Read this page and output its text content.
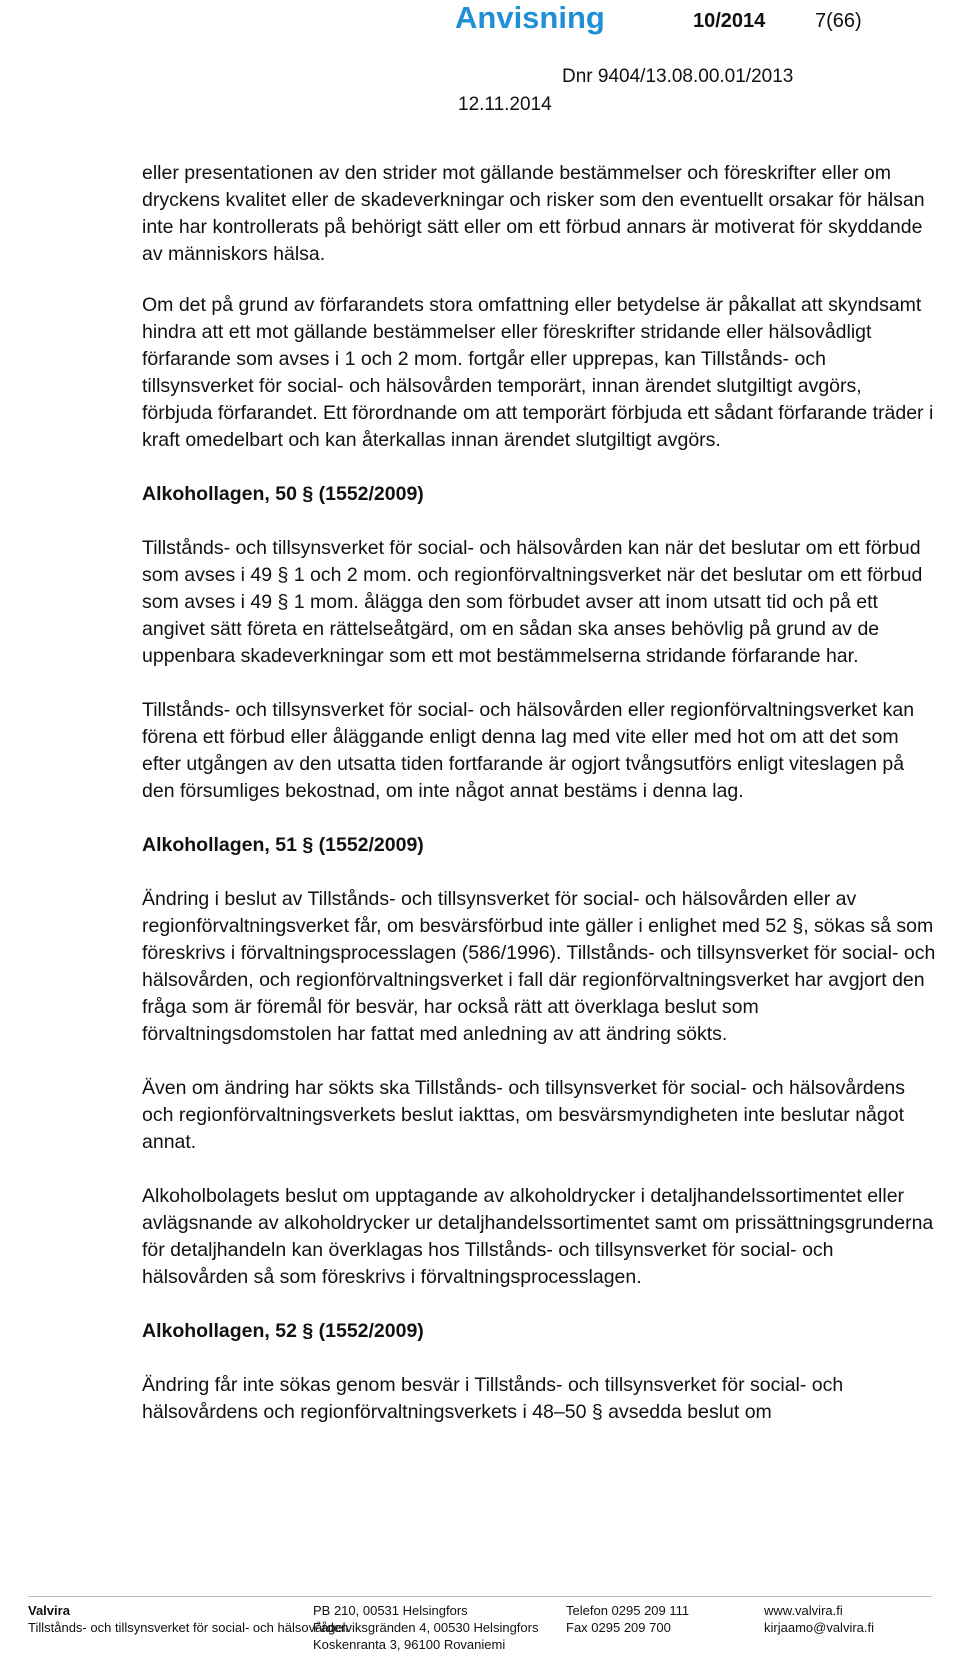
Anvisning	10/2014 7(66)
Dnr 9404/13.08.00.01/2013
12.11.2014

eller presentationen av den strider mot gällande bestämmelser och föreskrifter eller om dryckens kvalitet eller de skadeverkningar och risker som den eventuellt orsakar för hälsan inte har kontrollerats på behörigt sätt eller om ett förbud annars är motiverat för skyddande av människors hälsa.

Om det på grund av förfarandets stora omfattning eller betydelse är påkallat att skyndsamt hindra att ett mot gällande bestämmelser eller föreskrifter stridande eller hälsovådligt förfarande som avses i 1 och 2 mom. fortgår eller upprepas, kan Tillstånds- och tillsynsverket för social- och hälsovården temporärt, innan ärendet slutgiltigt avgörs, förbjuda förfarandet. Ett förordnande om att temporärt förbjuda ett sådant förfarande träder i kraft omedelbart och kan återkallas innan ärendet slutgiltigt avgörs.

Alkohollagen, 50 § (1552/2009)

Tillstånds- och tillsynsverket för social- och hälsovården kan när det beslutar om ett förbud som avses i 49 § 1 och 2 mom. och regionförvaltningsverket när det beslutar om ett förbud som avses i 49 § 1 mom. ålägga den som förbudet avser att inom utsatt tid och på ett angivet sätt företa en rättelseåtgärd, om en sådan ska anses behövlig på grund av de uppenbara skadeverkningar som ett mot bestämmelserna stridande förfarande har.

Tillstånds- och tillsynsverket för social- och hälsovården eller regionförvaltningsverket kan förena ett förbud eller åläggande enligt denna lag med vite eller med hot om att det som efter utgången av den utsatta tiden fortfarande är ogjort tvångsutförs enligt viteslagen på den försumliges bekostnad, om inte något annat bestäms i denna lag.

Alkohollagen, 51 § (1552/2009)

Ändring i beslut av Tillstånds- och tillsynsverket för social- och hälsovården eller av regionförvaltningsverket får, om besvärsförbud inte gäller i enlighet med 52 §, sökas så som föreskrivs i förvaltningsprocesslagen (586/1996). Tillstånds- och tillsynsverket för social- och hälsovården, och regionförvaltningsverket i fall där regionförvaltningsverket har avgjort den fråga som är föremål för besvär, har också rätt att överklaga beslut som förvaltningsdomstolen har fattat med anledning av att ändring sökts.

Även om ändring har sökts ska Tillstånds- och tillsynsverket för social- och hälsovårdens och regionförvaltningsverkets beslut iakttas, om besvärsmyndigheten inte beslutar något annat.

Alkoholbolagets beslut om upptagande av alkoholdrycker i detaljhandelssortimentet eller avlägsnande av alkoholdrycker ur detaljhandelssortimentet samt om prissättningsgrunderna för detaljhandeln kan överklagas hos Tillstånds- och tillsynsverket för social- och hälsovården så som föreskrivs i förvaltningsprocesslagen.

Alkohollagen, 52 § (1552/2009)

Ändring får inte sökas genom besvär i Tillstånds- och tillsynsverket för social- och hälsovårdens och regionförvaltningsverkets i 48–50 § avsedda beslut om

Valvira
Tillstånds- och tillsynsverket för social- och hälsovården
PB 210, 00531 Helsingfors
Fågelviksgränden 4, 00530 Helsingfors
Koskenranta 3, 96100 Rovaniemi
Telefon 0295 209 111
Fax 0295 209 700
www.valvira.fi
kirjaamo@valvira.fi
